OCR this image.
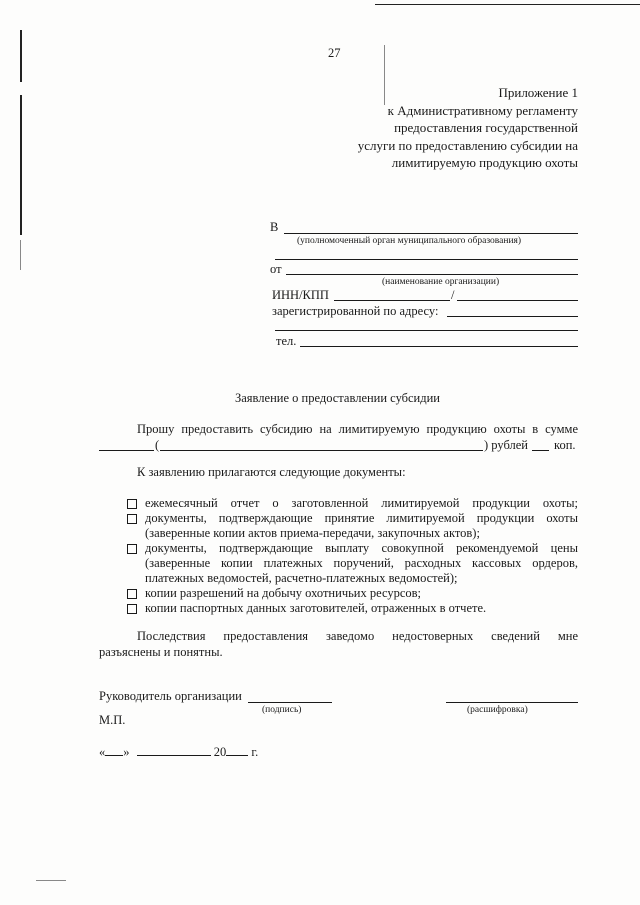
27
Приложение 1
к Административному регламенту
предоставления государственной
услуги по предоставлению субсидии на
лимитируемую продукцию охоты
В
(уполномоченный орган муниципального образования)
от
(наименование организации)
ИНН/КПП	/
зарегистрированной по адресу:
тел.
Заявление о предоставлении субсидии
Прошу предоставить субсидию на лимитируемую продукцию охоты в сумме
(	) рублей коп.
К заявлению прилагаются следующие документы:
ежемесячный отчет о заготовленной лимитируемой продукции охоты;
документы, подтверждающие принятие лимитируемой продукции охоты
(заверенные копии актов приема-передачи, закупочных актов);
документы, подтверждающие выплату совокупной рекомендуемой цены
(заверенные копии платежных поручений, расходных кассовых ордеров,
платежных ведомостей, расчетно-платежных ведомостей);
копии разрешений на добычу охотничьих ресурсов;
копии паспортных данных заготовителей, отраженных в отчете.
Последствия предоставления заведомо недостоверных сведений мне
разъяснены и понятны.
Руководитель организации
(подпись)	(расшифровка)
М.П.
« »	20 г.
